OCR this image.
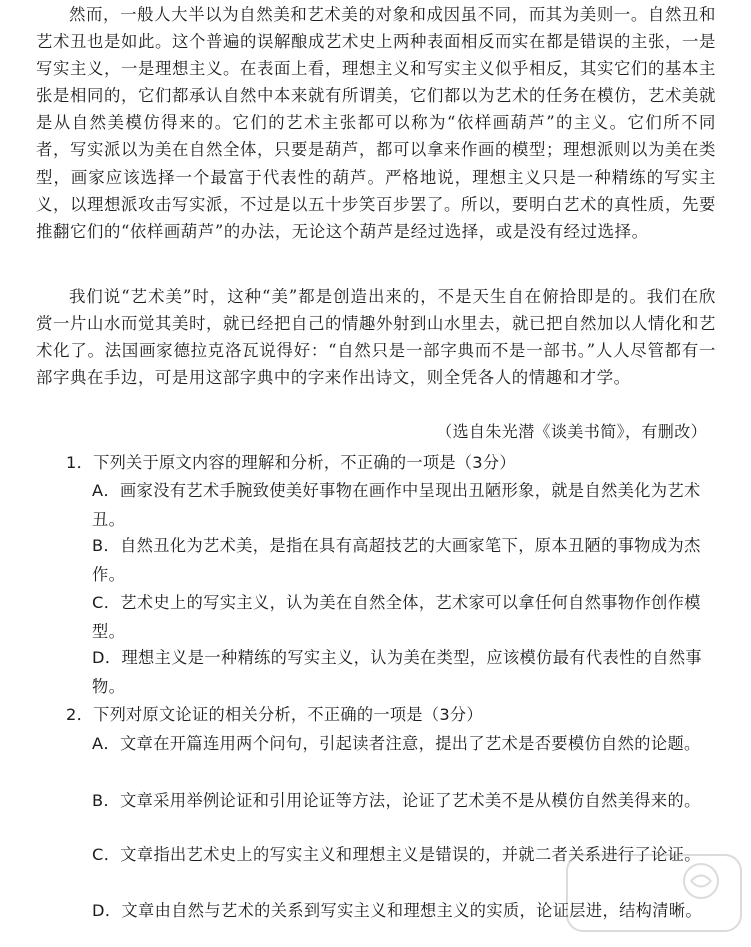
然而，一般人大半以为自然美和艺术美的对象和成因虽不同，而其为美则一。自然丑和艺术丑也是如此。这个普遍的误解酿成艺术史上两种表面相反而实在都是错误的主张，一是写实主义，一是理想主义。在表面上看，理想主义和写实主义似乎相反，其实它们的基本主张是相同的，它们都承认自然中本来就有所谓美，它们都以为艺术的任务在模仿，艺术美就是从自然美模仿得来的。它们的艺术主张都可以称为“依样画葫芦”的主义。它们所不同者，写实派以为美在自然全体，只要是葫芦，都可以拿来作画的模型；理想派则以为美在类型，画家应该选择一个最富于代表性的葫芦。严格地说，理想主义只是一种精练的写实主义，以理想派攻击写实派，不过是以五十步笑百步罢了。所以，要明白艺术的真性质，先要推翻它们的“依样画葫芦”的办法，无论这个葫芦是经过选择，或是没有经过选择。

我们说“艺术美”时，这种“美”都是创造出来的，不是天生自在俯拾即是的。我们在欣赏一片山水而觉其美时，就已经把自己的情趣外射到山水里去，就已把自然加以人情化和艺术化了。法国画家德拉克洛瓦说得好：“自然只是一部字典而不是一部书。”人人尽管都有一部字典在手边，可是用这部字典中的字来作出诗文，则全凭各人的情趣和才学。

（选自朱光潜《谈美书简》，有删改）
1．下列关于原文内容的理解和分析，不正确的一项是（3分）

A．画家没有艺术手腕致使美好事物在画作中呈现出丑陋形象，就是自然美化为艺术丑。

B．自然丑化为艺术美，是指在具有高超技艺的大画家笔下，原本丑陋的事物成为杰作。

C．艺术史上的写实主义，认为美在自然全体，艺术家可以拿任何自然事物作创作模型。

D．理想主义是一种精练的写实主义，认为美在类型，应该模仿最有代表性的自然事物。

2．下列对原文论证的相关分析，不正确的一项是（3分）

A．文章在开篇连用两个问句，引起读者注意，提出了艺术是否要模仿自然的论题。

B．文章采用举例论证和引用论证等方法，论证了艺术美不是从模仿自然美得来的。

C．文章指出艺术史上的写实主义和理想主义是错误的，并就二者关系进行了论证。

D．文章由自然与艺术的关系到写实主义和理想主义的实质，论证层进，结构清晰。
